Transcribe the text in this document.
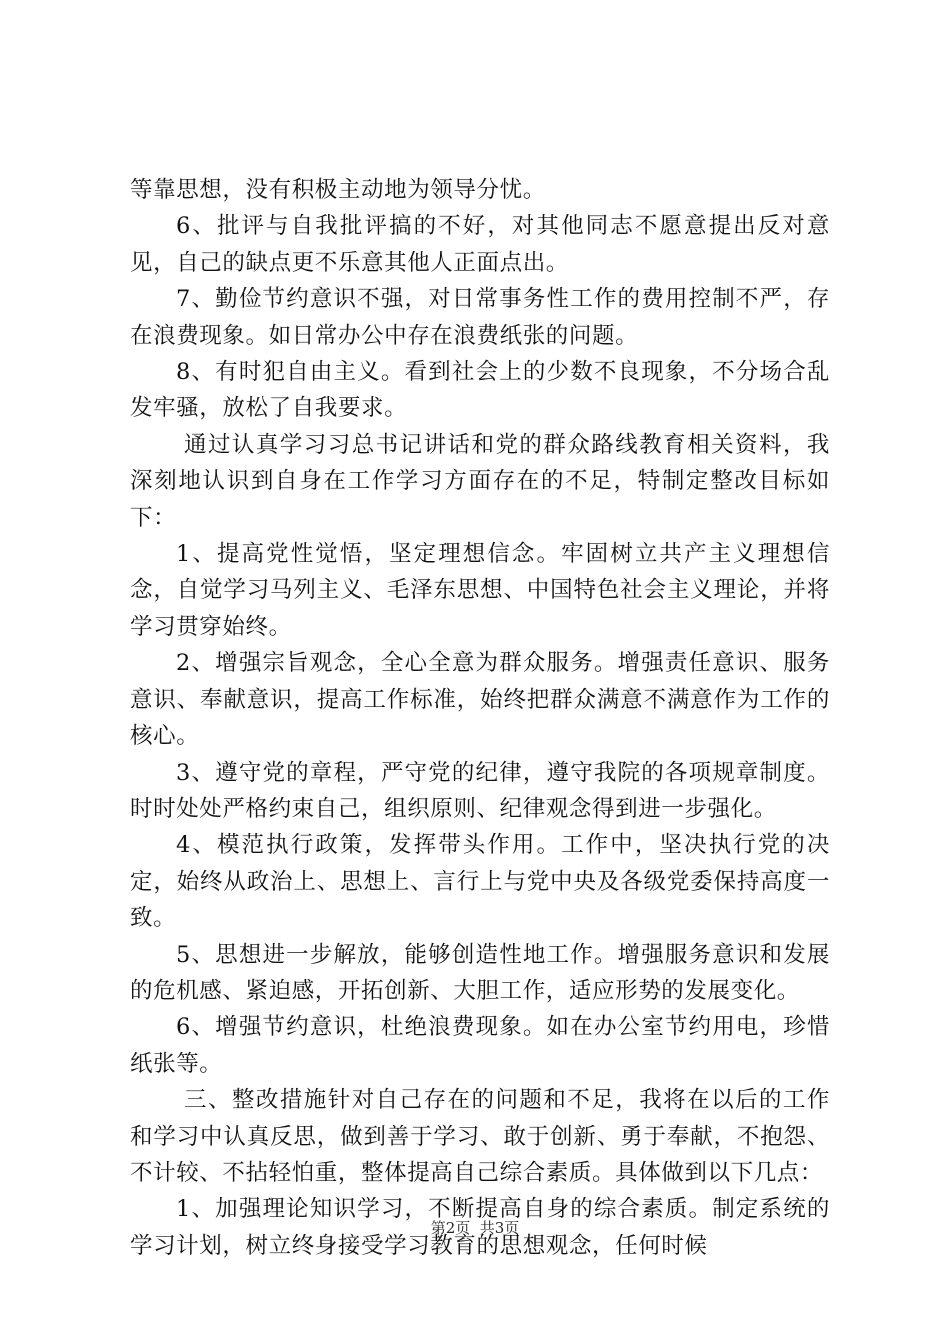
等靠思想，没有积极主动地为领导分忧。

6、批评与自我批评搞的不好，对其他同志不愿意提出反对意见，自己的缺点更不乐意其他人正面点出。

7、勤俭节约意识不强，对日常事务性工作的费用控制不严，存在浪费现象。如日常办公中存在浪费纸张的问题。

8、有时犯自由主义。看到社会上的少数不良现象，不分场合乱发牢骚，放松了自我要求。

通过认真学习习总书记讲话和党的群众路线教育相关资料，我深刻地认识到自身在工作学习方面存在的不足，特制定整改目标如下：

1、提高党性觉悟，坚定理想信念。牢固树立共产主义理想信念，自觉学习马列主义、毛泽东思想、中国特色社会主义理论，并将学习贯穿始终。

2、增强宗旨观念，全心全意为群众服务。增强责任意识、服务意识、奉献意识，提高工作标准，始终把群众满意不满意作为工作的核心。

3、遵守党的章程，严守党的纪律，遵守我院的各项规章制度。时时处处严格约束自己，组织原则、纪律观念得到进一步强化。

4、模范执行政策，发挥带头作用。工作中，坚决执行党的决定，始终从政治上、思想上、言行上与党中央及各级党委保持高度一致。

5、思想进一步解放，能够创造性地工作。增强服务意识和发展的危机感、紧迫感，开拓创新、大胆工作，适应形势的发展变化。

6、增强节约意识，杜绝浪费现象。如在办公室节约用电，珍惜纸张等。

三、整改措施针对自己存在的问题和不足，我将在以后的工作和学习中认真反思，做到善于学习、敢于创新、勇于奉献，不抱怨、不计较、不拈轻怕重，整体提高自己综合素质。具体做到以下几点：

1、加强理论知识学习，不断提高自身的综合素质。制定系统的学习计划，树立终身接受学习教育的思想观念，任何时候

第2页  共3页
